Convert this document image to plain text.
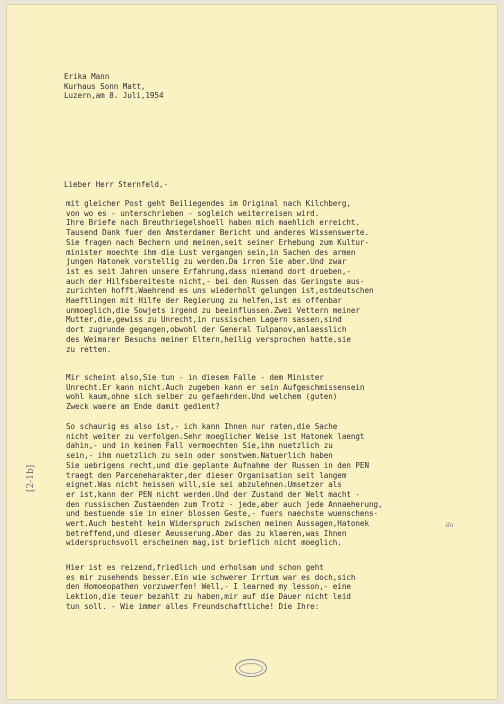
Erika Mann
Kurhaus Sonn Matt,
Luzern,am 8. Juli,1954
Lieber Herr Sternfeld,-
mit gleicher Post geht Beiliegendes im Original nach Kilchberg,
von wo es - unterschrieben - sogleich weiterreisen wird.
Ihre Briefe nach Breuthriegelshoell haben mich maehlich erreicht.
Tausend Dank fuer den Amsterdamer Bericht und anderes Wissenswerte.
Sie fragen nach Bechern und meinen,seit seiner Erhebung zum Kultur-
minister moechte ihm die Lust vergangen sein,in Sachen des armen
jungen Hatonek vorstellig zu werden.Da irren Sie aber.Und zwar
ist es seit Jahren unsere Erfahrung,dass niemand dort drueben,-
auch der Hilfsbereiteste nicht,- bei den Russen das Geringste aus-
zurichten hofft.Waehrend es uns wiederholt gelungen ist,ostdeutschen
Haeftlingen mit Hilfe der Regierung zu helfen,ist es offenbar
unmoeglich,die Sowjets irgend zu beeinflussen.Zwei Vettern meiner
Mutter,die,gewiss zu Unrecht,in russischen Lagern sassen,sind
dort zugrunde gegangen,obwohl der General Tulpanov,anlaesslich
des Weimarer Besuchs meiner Eltern,heilig versprochen hatte,sie
zu retten.
Mir scheint also,Sie tun - in diesem Falle - dem Minister
Unrecht.Er kann nicht.Auch zugeben kann er sein Aufgeschmissensein
wohl kaum,ohne sich selber zu gefaehrden.Und welchem (guten)
Zweck waere am Ende damit gedient?
So schaurig es also ist,- ich kann Ihnen nur raten,die Sache
nicht weiter zu verfolgen.Sehr moeglicher Weise ist Hatonek laengt
dahin,- und in keinem Fall vermoechten Sie,ihm nuetzlich zu
sein,- ihm nuetzlich zu sein oder sonstwem.Natuerlich haben
Sie uebrigens recht,und die geplante Aufnahme der Russen in den PEN
traegt den Parceneharakter,der dieser Organisation seit langem
eignet.Was nicht heissen will,sie sei abzulehnen.Umsetzer als
er ist,kann der PEN nicht werden.Und der Zustand der Welt macht -
den russischen Zustaenden zum Trotz - jede,aber auch jede Annaeherung,
und bestuende sie in einer blossen Geste,- fuers naechste wuenschens-
wert.Auch besteht kein Widerspruch zwischen meinen Aussagen,Hatonek
betreffend,und dieser Aeusserung.Aber das zu klaeren,was Ihnen
widerspruchsvoll erscheinen mag,ist brieflich nicht moeglich.
Hier ist es reizend,friedlich und erholsam und schon geht
es mir zusehends besser.Ein wie schwerer Irrtum war es doch,sich
den Homoeopathen vorzuwerfen! Well,- I learned my lesson,- eine
Lektion,die teuer bezahlt zu haben,mir auf die Dauer nicht leid
tun soll. - Wie immer alles Freundschaftliche! Die Ihre:
[2-1b]
da
